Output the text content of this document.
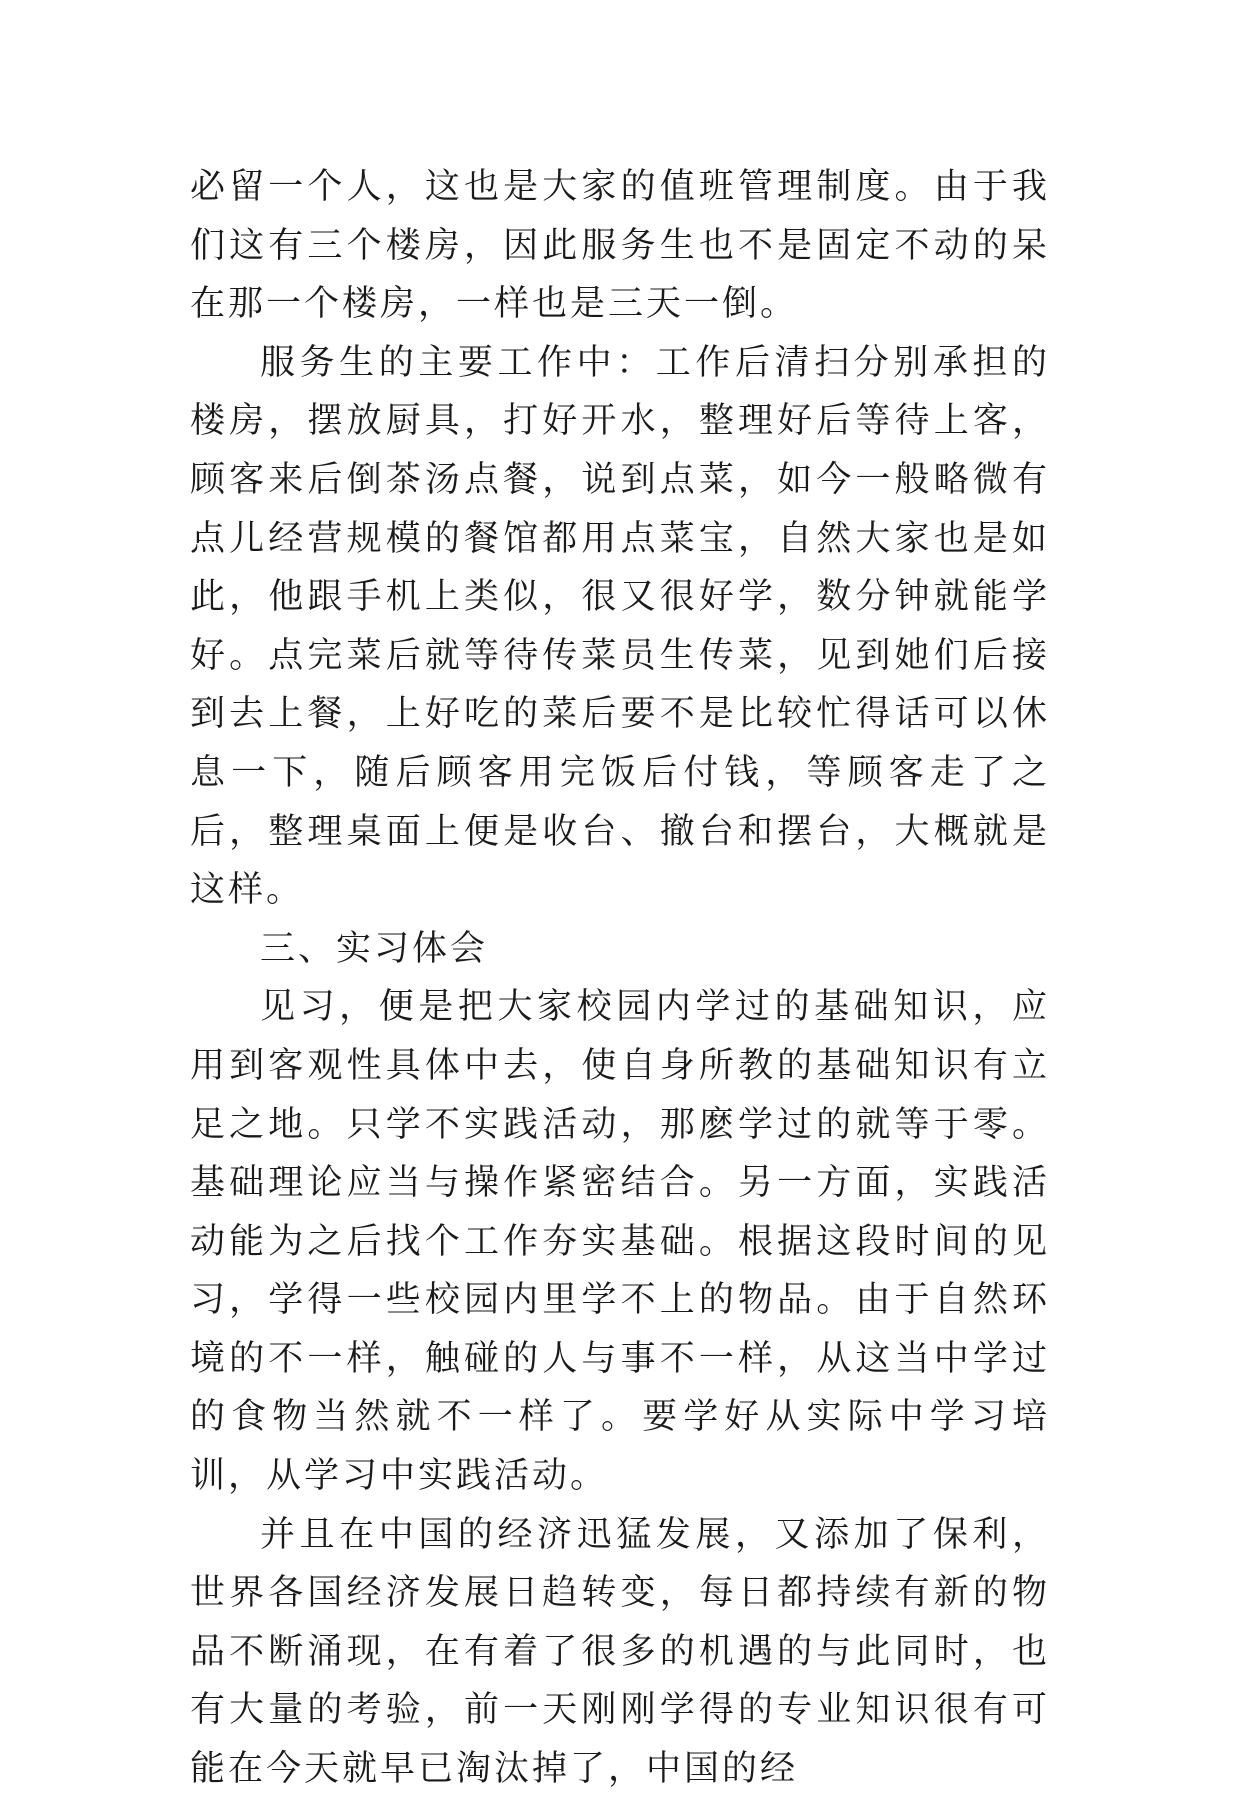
必留一个人，这也是大家的值班管理制度。由于我们这有三个楼房，因此服务生也不是固定不动的呆在那一个楼房，一样也是三天一倒。

服务生的主要工作中：工作后清扫分别承担的楼房，摆放厨具，打好开水，整理好后等待上客，顾客来后倒茶汤点餐，说到点菜，如今一般略微有点儿经营规模的餐馆都用点菜宝，自然大家也是如此，他跟手机上类似，很又很好学，数分钟就能学好。点完菜后就等待传菜员生传菜，见到她们后接到去上餐，上好吃的菜后要不是比较忙得话可以休息一下，随后顾客用完饭后付钱，等顾客走了之后，整理桌面上便是收台、撤台和摆台，大概就是这样。

三、实习体会

见习，便是把大家校园内学过的基础知识，应用到客观性具体中去，使自身所教的基础知识有立足之地。只学不实践活动，那麽学过的就等于零。基础理论应当与操作紧密结合。另一方面，实践活动能为之后找个工作夯实基础。根据这段时间的见习，学得一些校园内里学不上的物品。由于自然环境的不一样，触碰的人与事不一样，从这当中学过的食物当然就不一样了。要学好从实际中学习培训，从学习中实践活动。

并且在中国的经济迅猛发展，又添加了保利，世界各国经济发展日趋转变，每日都持续有新的物品不断涌现，在有着了很多的机遇的与此同时，也有大量的考验，前一天刚刚学得的专业知识很有可能在今天就早已淘汰掉了，中国的经
